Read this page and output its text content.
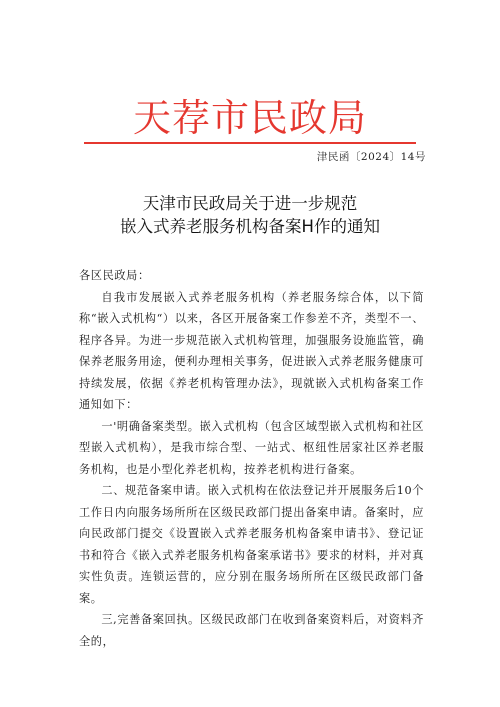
天荐市民政局
津民函〔2024〕14号
天津市民政局关于进一步规范
嵌入式养老服务机构备案H作的通知

各区民政局：

自我市发展嵌入式养老服务机构（养老服务综合体，以下简称“嵌入式机构“）以来，各区开展备案工作参差不齐，类型不一、程序各异。为进一步规范嵌入式机构管理，加强服务设施监管，确保养老服务用途，便利办理相关事务，促进嵌入式养老服务健康可持续发展，依据《养老机构管理办法》，现就嵌入式机构备案工作通知如下：

一'明确备案类型。嵌入式机构（包含区域型嵌入式机构和社区型嵌入式机构），是我市综合型、一站式、枢纽性居家社区养老服务机构，也是小型化养老机构，按养老机构进行备案。

二、规范备案申请。嵌入式机构在依法登记并开展服务后10个工作日内向服务场所所在区级民政部门提出备案申请。备案时，应向民政部门提交《设置嵌入式养老服务机构备案申请书》、登记证书和符合《嵌入式养老服务机构备案承诺书》要求的材料，并对真实性负责。连锁运营的，应分别在服务场所所在区级民政部门备案。

三,完善备案回执。区级民政部门在收到备案资料后，对资料齐全的，
